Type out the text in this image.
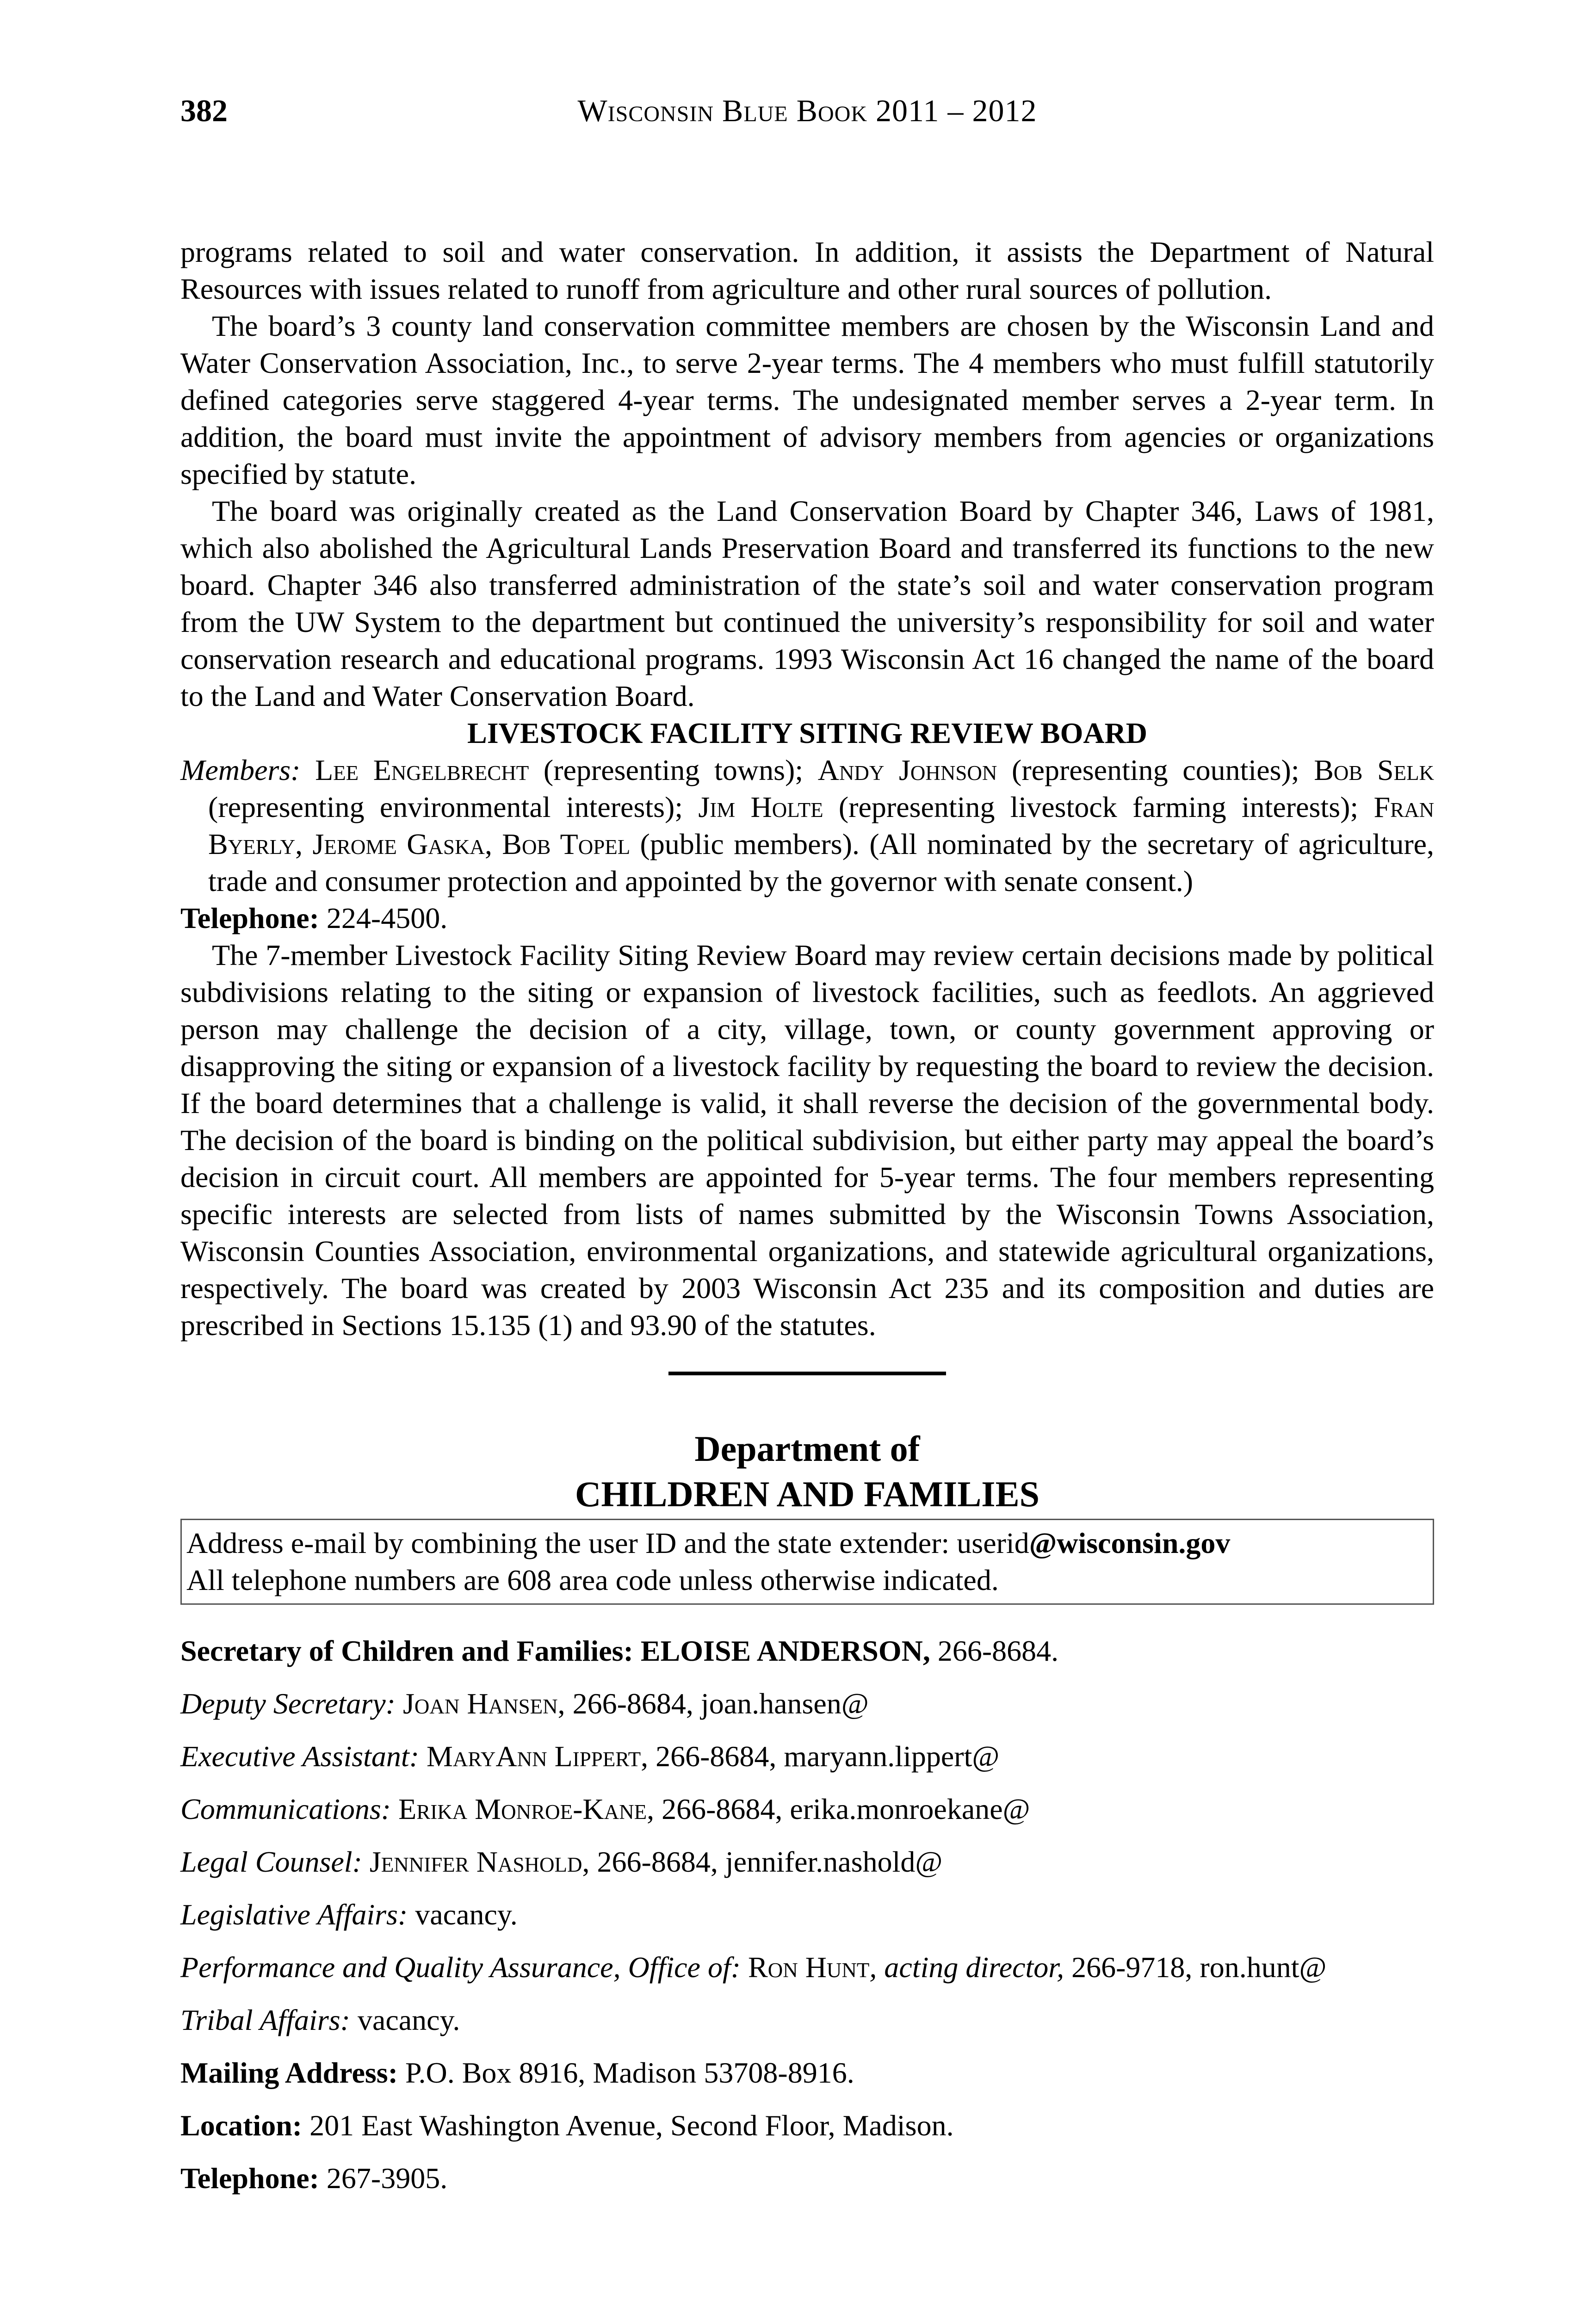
382	Wisconsin Blue Book 2011 – 2012

programs related to soil and water conservation. In addition, it assists the Department of Natural Resources with issues related to runoff from agriculture and other rural sources of pollution.

The board’s 3 county land conservation committee members are chosen by the Wisconsin Land and Water Conservation Association, Inc., to serve 2-year terms. The 4 members who must fulfill statutorily defined categories serve staggered 4-year terms. The undesignated member serves a 2-year term. In addition, the board must invite the appointment of advisory members from agencies or organizations specified by statute.

The board was originally created as the Land Conservation Board by Chapter 346, Laws of 1981, which also abolished the Agricultural Lands Preservation Board and transferred its functions to the new board. Chapter 346 also transferred administration of the state’s soil and water conservation program from the UW System to the department but continued the university’s responsibility for soil and water conservation research and educational programs. 1993 Wisconsin Act 16 changed the name of the board to the Land and Water Conservation Board.

LIVESTOCK FACILITY SITING REVIEW BOARD

Members: Lee Engelbrecht (representing towns); Andy Johnson (representing counties); Bob Selk (representing environmental interests); Jim Holte (representing livestock farming interests); Fran Byerly, Jerome Gaska, Bob Topel (public members). (All nominated by the secretary of agriculture, trade and consumer protection and appointed by the governor with senate consent.)

Telephone: 224-4500.

The 7-member Livestock Facility Siting Review Board may review certain decisions made by political subdivisions relating to the siting or expansion of livestock facilities, such as feedlots. An aggrieved person may challenge the decision of a city, village, town, or county government approving or disapproving the siting or expansion of a livestock facility by requesting the board to review the decision. If the board determines that a challenge is valid, it shall reverse the decision of the governmental body. The decision of the board is binding on the political subdivision, but either party may appeal the board’s decision in circuit court. All members are appointed for 5-year terms. The four members representing specific interests are selected from lists of names submitted by the Wisconsin Towns Association, Wisconsin Counties Association, environmental organizations, and statewide agricultural organizations, respectively. The board was created by 2003 Wisconsin Act 235 and its composition and duties are prescribed in Sections 15.135 (1) and 93.90 of the statutes.

Department of

CHILDREN AND FAMILIES

Address e-mail by combining the user ID and the state extender: userid@wisconsin.gov
All telephone numbers are 608 area code unless otherwise indicated.

Secretary of Children and Families: ELOISE ANDERSON, 266-8684.

Deputy Secretary: Joan Hansen, 266-8684, joan.hansen@

Executive Assistant: MaryAnn Lippert, 266-8684, maryann.lippert@

Communications: Erika Monroe-Kane, 266-8684, erika.monroekane@

Legal Counsel: Jennifer Nashold, 266-8684, jennifer.nashold@

Legislative Affairs: vacancy.

Performance and Quality Assurance, Office of: Ron Hunt, acting director, 266-9718, ron.hunt@

Tribal Affairs: vacancy.

Mailing Address: P.O. Box 8916, Madison 53708-8916.

Location: 201 East Washington Avenue, Second Floor, Madison.

Telephone: 267-3905.
